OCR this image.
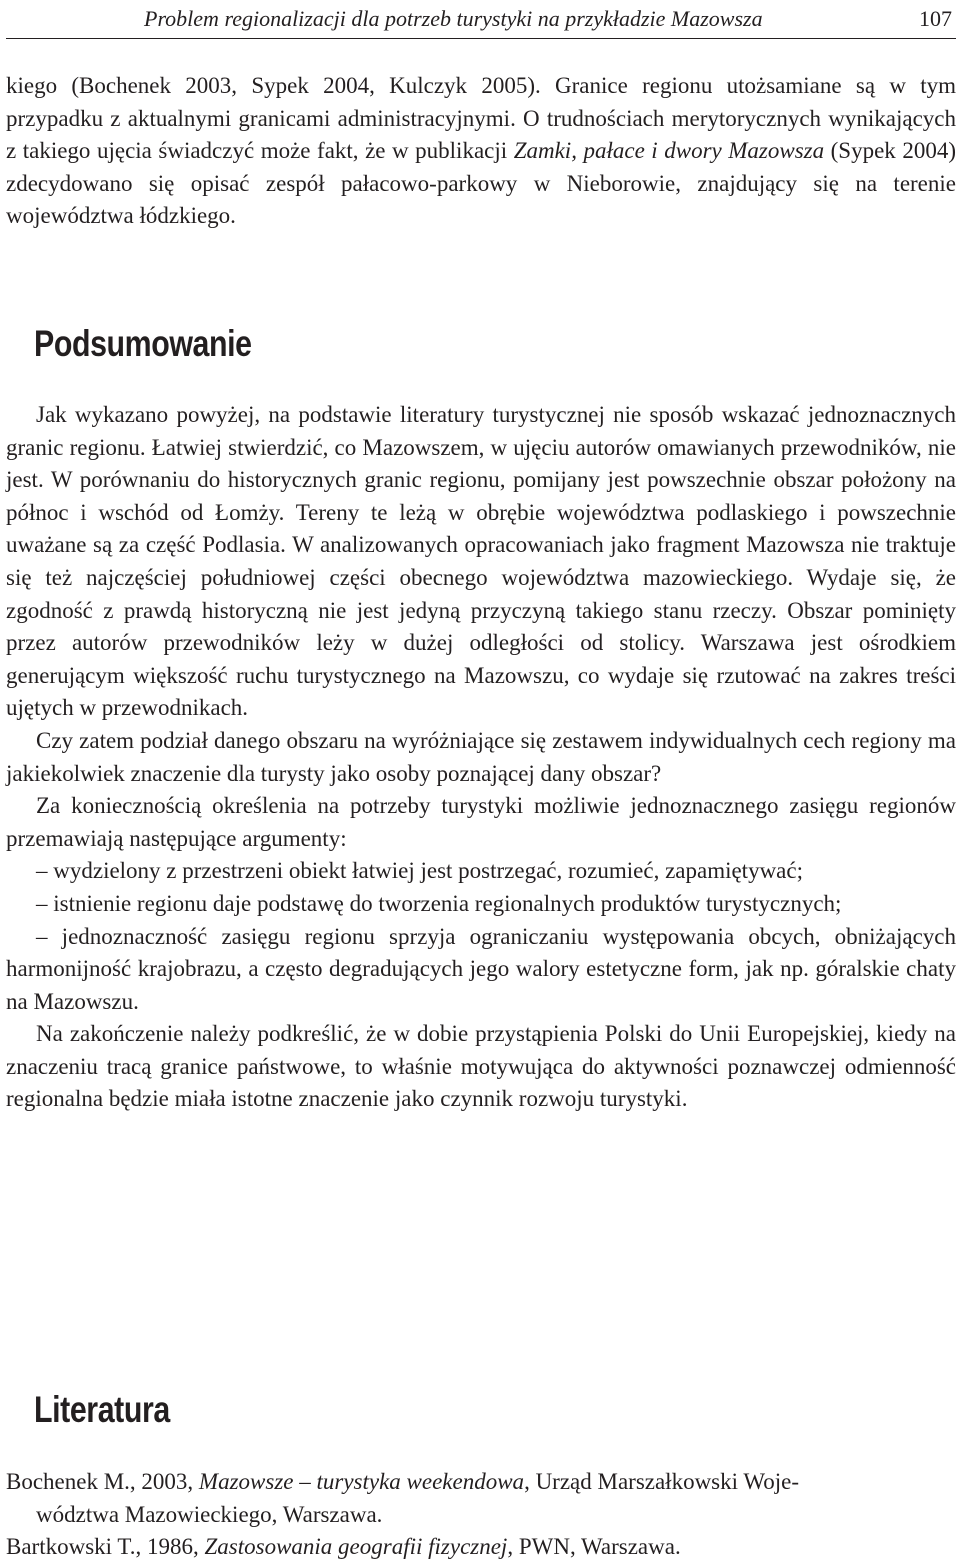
Problem regionalizacji dla potrzeb turystyki na przykładzie Mazowsza	107

kiego (Bochenek 2003, Sypek 2004, Kulczyk 2005). Granice regionu utożsamiane są w tym przypadku z aktualnymi granicami administracyjnymi. O trudnościach merytorycznych wynikających z takiego ujęcia świadczyć może fakt, że w publikacji Zamki, pałace i dwory Mazowsza (Sypek 2004) zdecydowano się opisać zespół pałacowo-parkowy w Nieborowie, znajdujący się na terenie województwa łódzkiego.

Podsumowanie

Jak wykazano powyżej, na podstawie literatury turystycznej nie sposób wskazać jednoznacznych granic regionu. Łatwiej stwierdzić, co Mazowszem, w ujęciu autorów omawianych przewodników, nie jest. W porównaniu do historycznych granic regionu, pomijany jest powszechnie obszar położony na północ i wschód od Łomży. Tereny te leżą w obrębie województwa podlaskiego i powszechnie uważane są za część Podlasia. W analizowanych opracowaniach jako fragment Mazowsza nie traktuje się też najczęściej południowej części obecnego województwa mazowieckiego. Wydaje się, że zgodność z prawdą historyczną nie jest jedyną przyczyną takiego stanu rzeczy. Obszar pominięty przez autorów przewodników leży w dużej odległości od stolicy. Warszawa jest ośrodkiem generującym większość ruchu turystycznego na Mazowszu, co wydaje się rzutować na zakres treści ujętych w przewodnikach.

Czy zatem podział danego obszaru na wyróżniające się zestawem indywidualnych cech regiony ma jakiekolwiek znaczenie dla turysty jako osoby poznającej dany obszar?

Za koniecznością określenia na potrzeby turystyki możliwie jednoznacznego zasięgu regionów przemawiają następujące argumenty:

– wydzielony z przestrzeni obiekt łatwiej jest postrzegać, rozumieć, zapamiętywać;

– istnienie regionu daje podstawę do tworzenia regionalnych produktów turystycznych;

– jednoznaczność zasięgu regionu sprzyja ograniczaniu występowania obcych, obniżających harmonijność krajobrazu, a często degradujących jego walory estetyczne form, jak np. góralskie chaty na Mazowszu.

Na zakończenie należy podkreślić, że w dobie przystąpienia Polski do Unii Europejskiej, kiedy na znaczeniu tracą granice państwowe, to właśnie motywująca do aktywności poznawczej odmienność regionalna będzie miała istotne znaczenie jako czynnik rozwoju turystyki.

Literatura

Bochenek M., 2003, Mazowsze – turystyka weekendowa, Urząd Marszałkowski Woje-

wództwa Mazowieckiego, Warszawa.

Bartkowski T., 1986, Zastosowania geografii fizycznej, PWN, Warszawa.
